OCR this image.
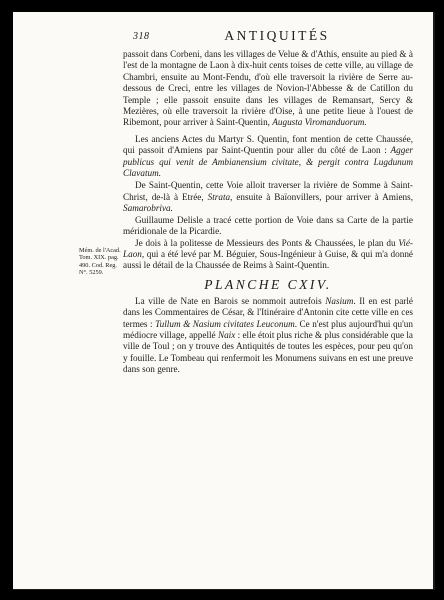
318	ANTIQUITÉS
Mém. de l'Acad.
Tom. XIX. pag.
490. Cod. Reg.
N°. 5259.

passoit dans Corbeni, dans les villages de Velue & d'Athis, ensuite au pied & à l'est de la montagne de Laon à dix-huit cents toises de cette ville, au village de Chambri, ensuite au Mont-Fendu, d'où elle traversoit la rivière de Serre au-dessous de Creci, entre les villages de Novion-l'Abbesse & de Catillon du Temple ; elle passoit ensuite dans les villages de Remansart, Sercy & Mezières, où elle traversoit la rivière d'Oise, à une petite lieue à l'ouest de Ribemont, pour arriver à Saint-Quentin, Augusta Viromanduorum.

Les anciens Actes du Martyr S. Quentin, font mention de cette Chaussée, qui passoit d'Amiens par Saint-Quentin pour aller du côté de Laon : Agger publicus qui venit de Ambianensium civitate, & pergit contra Lugdunum Clavatum.

De Saint-Quentin, cette Voie alloit traverser la rivière de Somme à Saint-Christ, de-là à Etrée, Strata, ensuite à Baïonvillers, pour arriver à Amiens, Samarobriva.

Guillaume Delisle a tracé cette portion de Voie dans sa Carte de la partie méridionale de la Picardie.

Je dois à la politesse de Messieurs des Ponts & Chaussées, le plan du Vié-Laon, qui a été levé par M. Béguier, Sous-Ingénieur à Guise, & qui m'a donné aussi le détail de la Chaussée de Reims à Saint-Quentin.

PLANCHE CXIV.

La ville de Nate en Barois se nommoit autrefois Nasium. Il en est parlé dans les Commentaires de César, & l'Itinéraire d'Antonin cite cette ville en ces termes : Tullum & Nasium civitates Leuconum. Ce n'est plus aujourd'hui qu'un médiocre village, appellé Naix : elle étoit plus riche & plus considérable que la ville de Toul ; on y trouve des Antiquités de toutes les espèces, pour peu qu'on y fouille. Le Tombeau qui renfermoit les Monumens suivans en est une preuve dans son genre.
